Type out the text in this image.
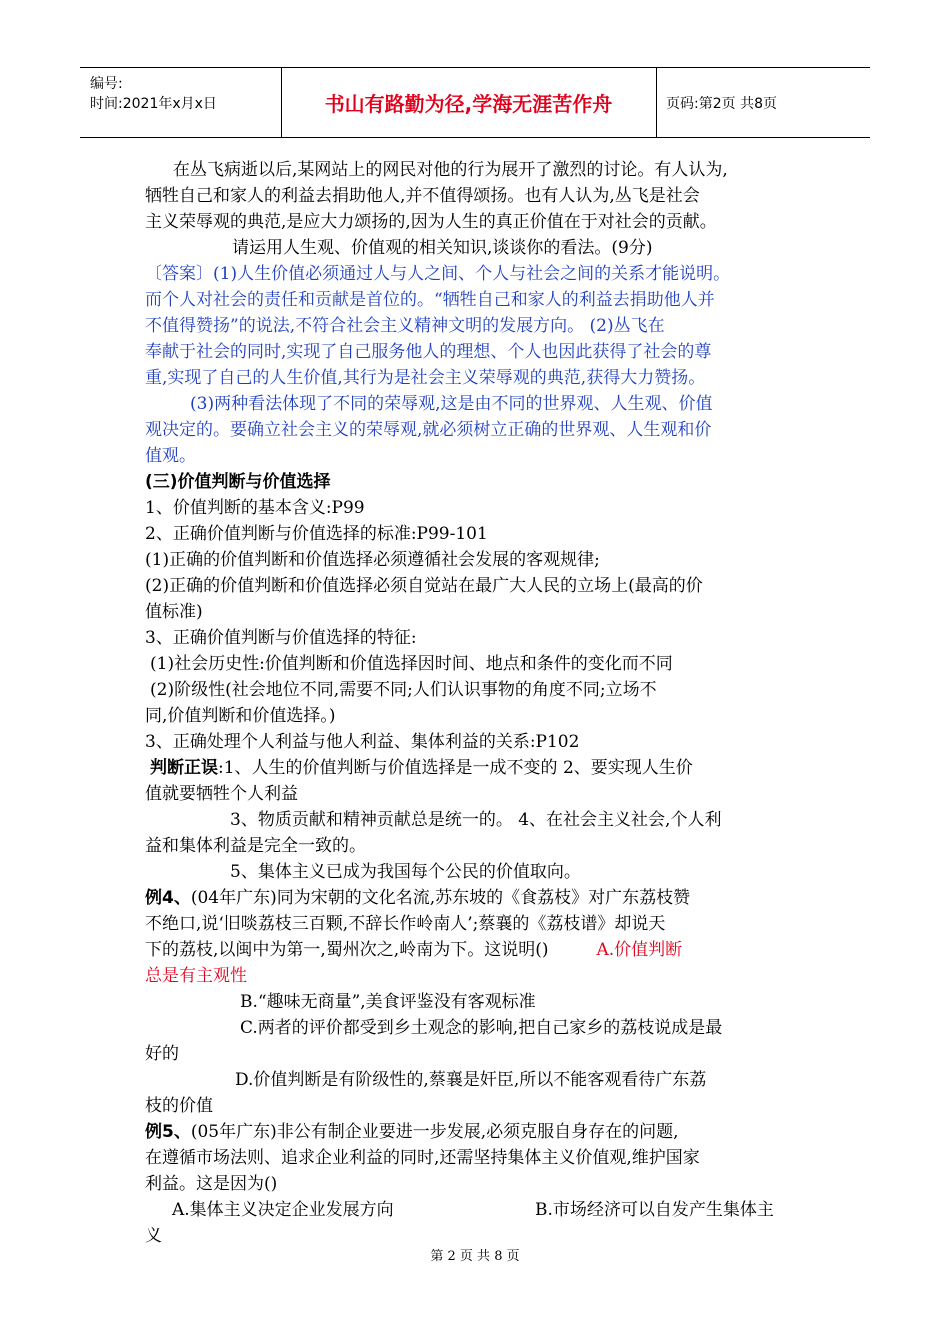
编号:
时间:2021年x月x日	书山有路勤为径,学海无涯苦作舟	页码:第2页 共8页
在丛飞病逝以后,某网站上的网民对他的行为展开了激烈的讨论。有人认为,
牺牲自己和家人的利益去捐助他人,并不值得颂扬。也有人认为,丛飞是社会
主义荣辱观的典范,是应大力颂扬的,因为人生的真正价值在于对社会的贡献。
请运用人生观、价值观的相关知识,谈谈你的看法。(9分)
〔答案〕(1)人生价值必须通过人与人之间、个人与社会之间的关系才能说明。
而个人对社会的责任和贡献是首位的。“牺牲自己和家人的利益去捐助他人并
不值得赞扬”的说法,不符合社会主义精神文明的发展方向。 (2)丛飞在
奉献于社会的同时,实现了自己服务他人的理想、个人也因此获得了社会的尊
重,实现了自己的人生价值,其行为是社会主义荣辱观的典范,获得大力赞扬。
(3)两种看法体现了不同的荣辱观,这是由不同的世界观、人生观、价值
观决定的。要确立社会主义的荣辱观,就必须树立正确的世界观、人生观和价
值观。
(三)价值判断与价值选择
1、价值判断的基本含义:P99
2、正确价值判断与价值选择的标准:P99-101
(1)正确的价值判断和价值选择必须遵循社会发展的客观规律;
(2)正确的价值判断和价值选择必须自觉站在最广大人民的立场上(最高的价
值标准)
3、正确价值判断与价值选择的特征:
(1)社会历史性:价值判断和价值选择因时间、地点和条件的变化而不同
(2)阶级性(社会地位不同,需要不同;人们认识事物的角度不同;立场不
同,价值判断和价值选择。)
3、正确处理个人利益与他人利益、集体利益的关系:P102
判断正误:1、人生的价值判断与价值选择是一成不变的 2、要实现人生价
值就要牺牲个人利益
3、物质贡献和精神贡献总是统一的。 4、在社会主义社会,个人利
益和集体利益是完全一致的。
5、集体主义已成为我国每个公民的价值取向。
例4、(04年广东)同为宋朝的文化名流,苏东坡的《食荔枝》对广东荔枝赞
不绝口,说‘旧啖荔枝三百颗,不辞长作岭南人’;蔡襄的《荔枝谱》却说天
下的荔枝,以闽中为第一,蜀州次之,岭南为下。这说明()	A.价值判断
总是有主观性
B.“趣味无商量”,美食评鉴没有客观标准
C.两者的评价都受到乡土观念的影响,把自己家乡的荔枝说成是最
好的
D.价值判断是有阶级性的,蔡襄是奸臣,所以不能客观看待广东荔
枝的价值
例5、(05年广东)非公有制企业要进一步发展,必须克服自身存在的问题,
在遵循市场法则、追求企业利益的同时,还需坚持集体主义价值观,维护国家
利益。这是因为()
A.集体主义决定企业发展方向	B.市场经济可以自发产生集体主
义
第 2 页 共 8 页
